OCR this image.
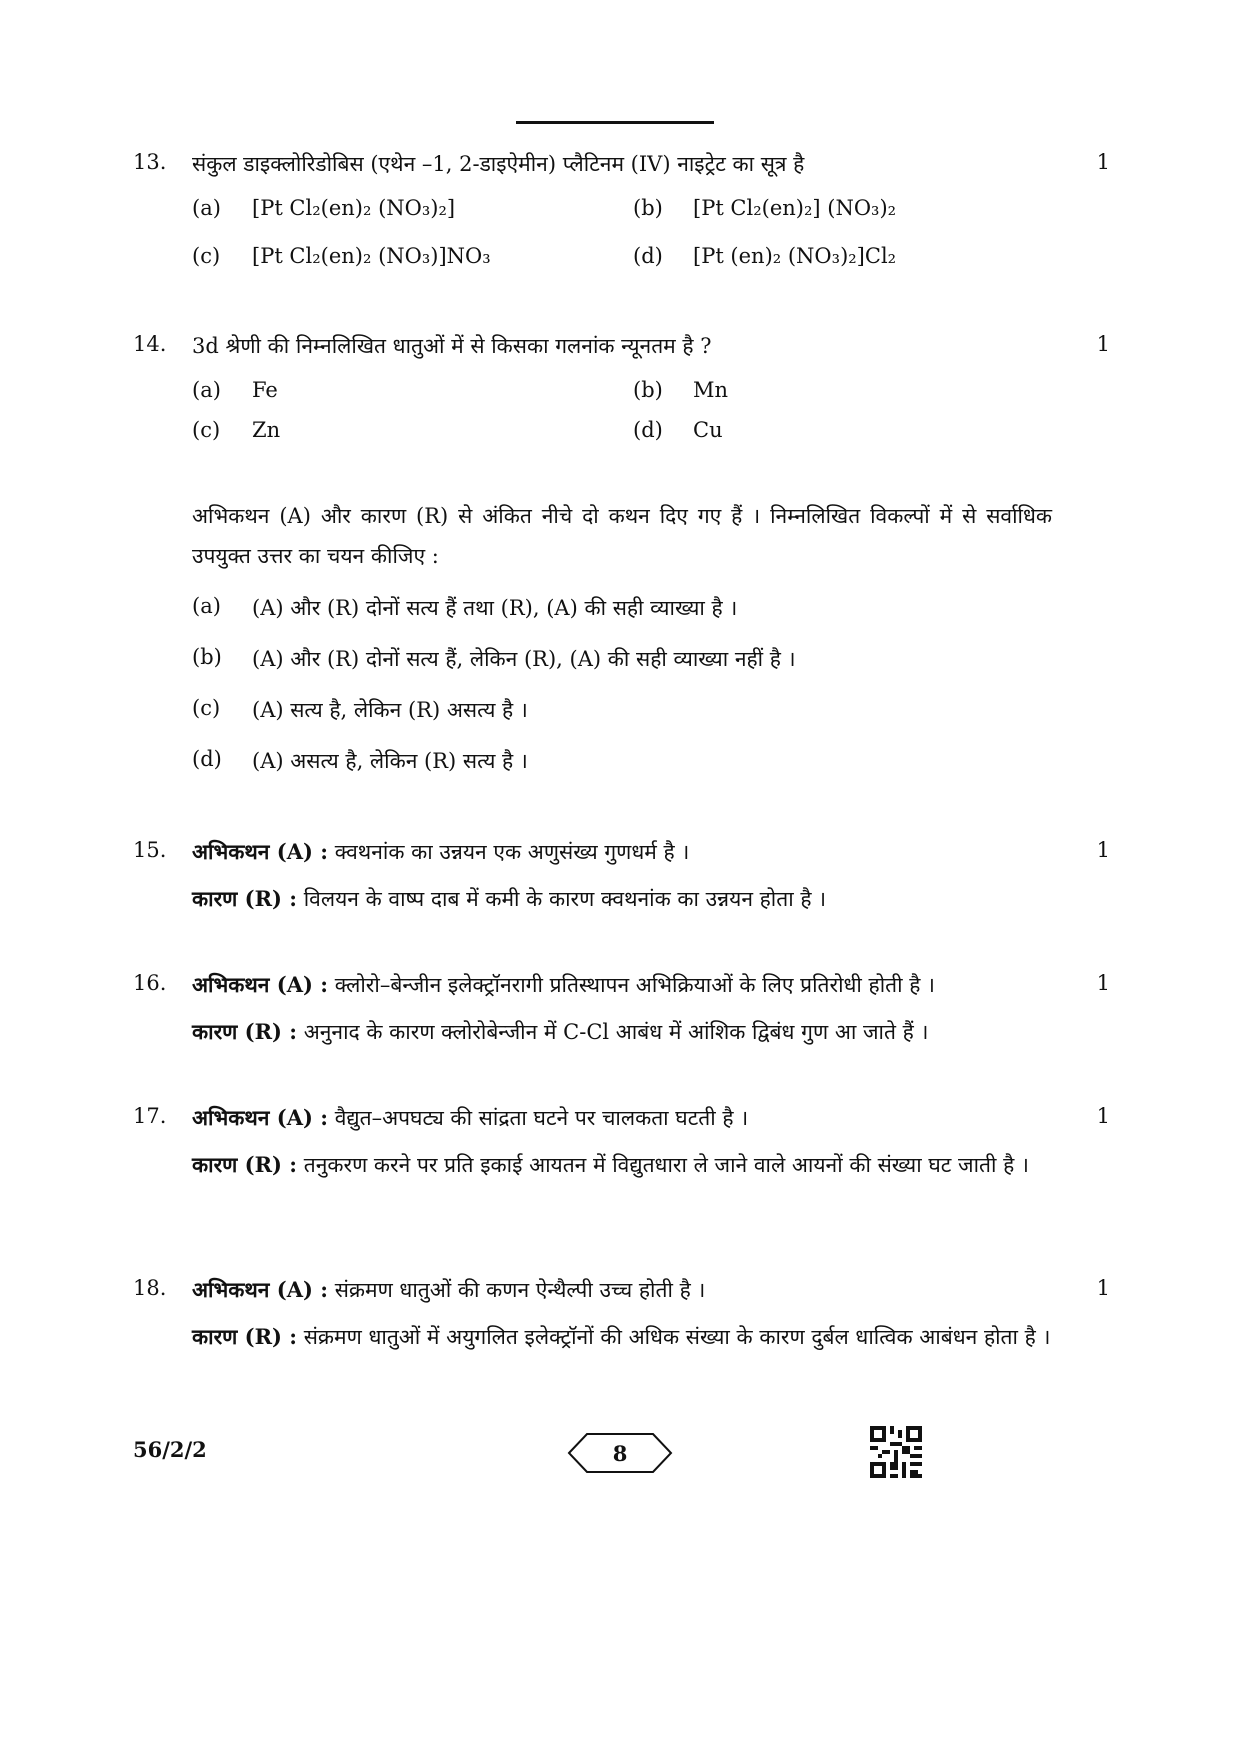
13.	संकुल डाइक्लोरिडोबिस (एथेन –1, 2-डाइऐमीन) प्लैटिनम (IV) नाइट्रेट का सूत्र है	1
(a)	[Pt Cl₂(en)₂ (NO₃)₂]	(b)	[Pt Cl₂(en)₂] (NO₃)₂
(c)	[Pt Cl₂(en)₂ (NO₃)]NO₃	(d)	[Pt (en)₂ (NO₃)₂]Cl₂
14.	3d श्रेणी की निम्नलिखित धातुओं में से किसका गलनांक न्यूनतम है ?	1
(a)	Fe	(b)	Mn
(c)	Zn	(d)	Cu
अभिकथन (A) और कारण (R) से अंकित नीचे दो कथन दिए गए हैं । निम्नलिखित विकल्पों में से सर्वाधिक उपयुक्त उत्तर का चयन कीजिए :
(a)	(A) और (R) दोनों सत्य हैं तथा (R), (A) की सही व्याख्या है ।
(b)	(A) और (R) दोनों सत्य हैं, लेकिन (R), (A) की सही व्याख्या नहीं है ।
(c)	(A) सत्य है, लेकिन (R) असत्य है ।
(d)	(A) असत्य है, लेकिन (R) सत्य है ।
15.	अभिकथन (A) : क्वथनांक का उन्नयन एक अणुसंख्य गुणधर्म है ।	1
कारण (R) : विलयन के वाष्प दाब में कमी के कारण क्वथनांक का उन्नयन होता है ।
16.	अभिकथन (A) : क्लोरो–बेन्जीन इलेक्ट्रॉनरागी प्रतिस्थापन अभिक्रियाओं के लिए प्रतिरोधी होती है ।	1
कारण (R) : अनुनाद के कारण क्लोरोबेन्जीन में C-Cl आबंध में आंशिक द्विबंध गुण आ जाते हैं ।
17.	अभिकथन (A) : वैद्युत–अपघट्य की सांद्रता घटने पर चालकता घटती है ।	1
कारण (R) : तनुकरण करने पर प्रति इकाई आयतन में विद्युतधारा ले जाने वाले आयनों की संख्या घट जाती है ।
18.	अभिकथन (A) : संक्रमण धातुओं की कणन ऐन्थैल्पी उच्च होती है ।	1
कारण (R) : संक्रमण धातुओं में अयुगलित इलेक्ट्रॉनों की अधिक संख्या के कारण दुर्बल धात्विक आबंधन होता है ।
56/2/2	8
